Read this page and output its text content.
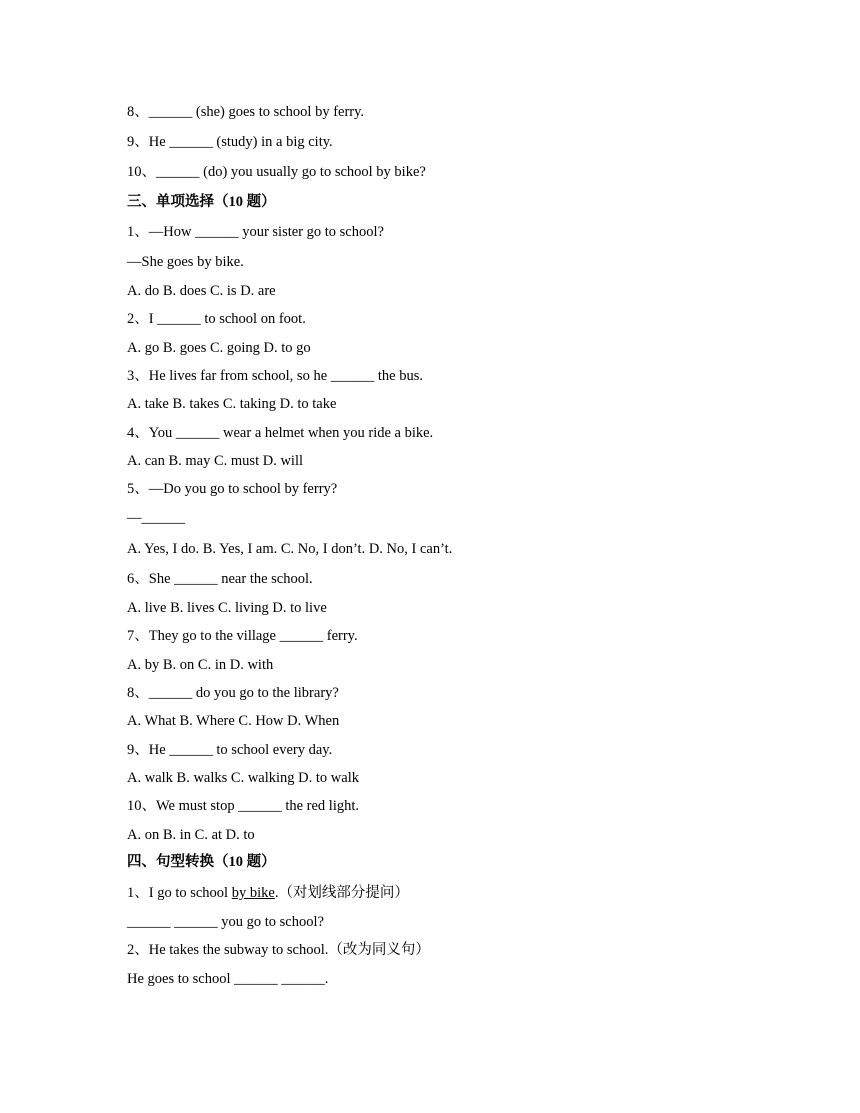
8、______ (she) goes to school by ferry.
9、He ______ (study) in a big city.
10、______ (do) you usually go to school by bike?
三、单项选择（10 题）
1、—How ______ your sister go to school?
—She goes by bike.
A. do B. does C. is D. are
2、I ______ to school on foot.
A. go B. goes C. going D. to go
3、He lives far from school, so he ______ the bus.
A. take B. takes C. taking D. to take
4、You ______ wear a helmet when you ride a bike.
A. can B. may C. must D. will
5、—Do you go to school by ferry?
—______
A. Yes, I do. B. Yes, I am. C. No, I don’t. D. No, I can’t.
6、She ______ near the school.
A. live B. lives C. living D. to live
7、They go to the village ______ ferry.
A. by B. on C. in D. with
8、______ do you go to the library?
A. What B. Where C. How D. When
9、He ______ to school every day.
A. walk B. walks C. walking D. to walk
10、We must stop ______ the red light.
A. on B. in C. at D. to
四、句型转换（10 题）
1、I go to school by bike.（对划线部分提问）
______ ______ you go to school?
2、He takes the subway to school.（改为同义句）
He goes to school ______ ______.
